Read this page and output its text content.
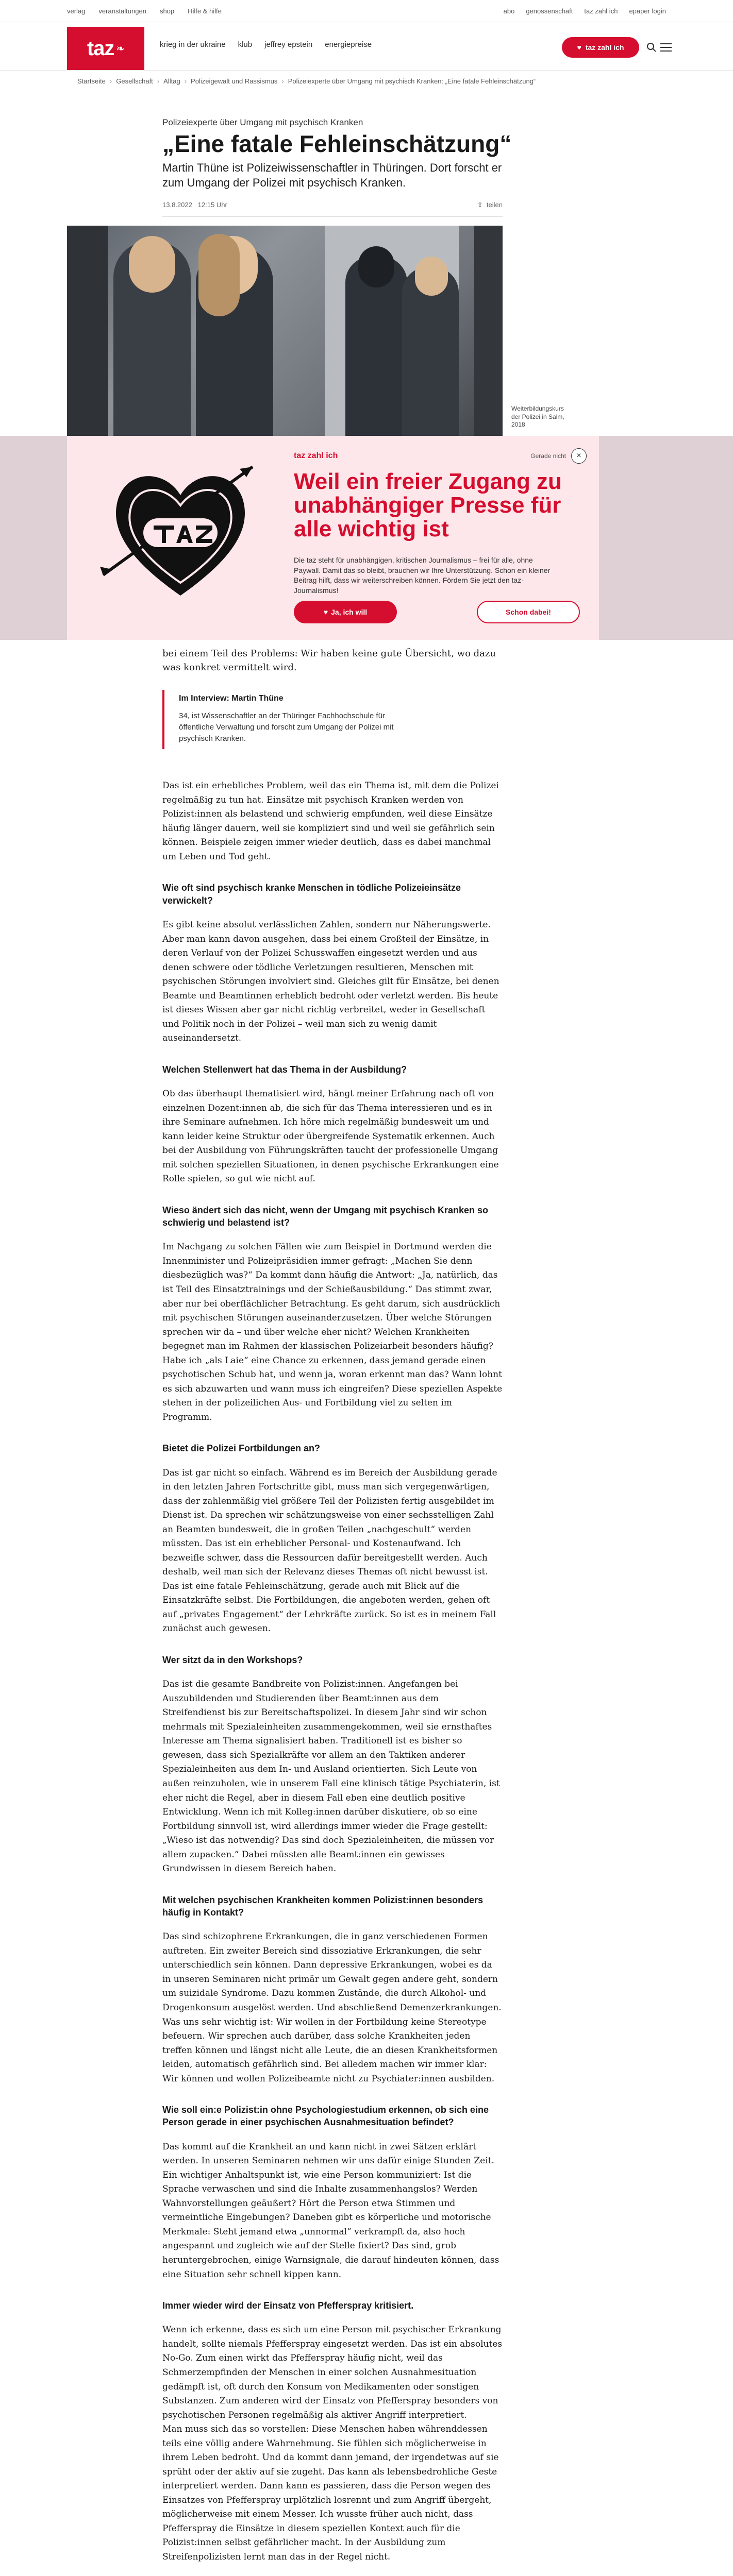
verlag veranstaltungen shop Hilfe & hilfe	abo genossenschaft taz zahl ich epaper login
taz ❧	krieg in der ukraine klub jeffrey epstein energiepreise	♥ taz zahl ich
Startseite › Gesellschaft › Alltag › Polizeigewalt und Rassismus › Polizeiexperte über Umgang mit psychisch Kranken: „Eine fatale Fehleinschätzung“
Polizeiexperte über Umgang mit psychisch Kranken
„Eine fatale Fehleinschätzung“
Martin Thüne ist Polizeiwissenschaftler in Thüringen. Dort forscht er zum Umgang der Polizei mit psychisch Kranken.
13.8.2022 12:15 Uhr	⇪ teilen
Weiterbildungskurs der Polizei in Salm, 2018
taz zahl ich	Gerade nicht	×
Weil ein freier Zugang zu unabhängiger Presse für alle wichtig ist
Die taz steht für unabhängigen, kritischen Journalismus – frei für alle, ohne Paywall. Damit das so bleibt, brauchen wir Ihre Unterstützung. Schon ein kleiner Beitrag hilft, dass wir weiterschreiben können. Fördern Sie jetzt den taz-Journalismus!
♥ Ja, ich will	Schon dabei!

bei einem Teil des Problems: Wir haben keine gute Übersicht, wo dazu was konkret vermittelt wird.

Im Interview: Martin Thüne
34, ist Wissenschaftler an der Thüringer Fachhochschule für öffentliche Verwaltung und forscht zum Umgang der Polizei mit psychisch Kranken.

Das ist ein erhebliches Problem, weil das ein Thema ist, mit dem die Polizei regelmäßig zu tun hat. Einsätze mit psychisch Kranken werden von Polizist:innen als belastend und schwierig empfunden, weil diese Einsätze häufig länger dauern, weil sie kompliziert sind und weil sie gefährlich sein können. Beispiele zeigen immer wieder deutlich, dass es dabei manchmal um Leben und Tod geht.

Wie oft sind psychisch kranke Menschen in tödliche Polizeieinsätze verwickelt?

Es gibt keine absolut verlässlichen Zahlen, sondern nur Näherungswerte. Aber man kann davon ausgehen, dass bei einem Großteil der Einsätze, in deren Verlauf von der Polizei Schusswaffen eingesetzt werden und aus denen schwere oder tödliche Verletzungen resultieren, Menschen mit psychischen Störungen involviert sind. Gleiches gilt für Einsätze, bei denen Beamte und Beamtinnen erheblich bedroht oder verletzt werden. Bis heute ist dieses Wissen aber gar nicht richtig verbreitet, weder in Gesellschaft und Politik noch in der Polizei – weil man sich zu wenig damit auseinandersetzt.

Welchen Stellenwert hat das Thema in der Ausbildung?

Ob das überhaupt thematisiert wird, hängt meiner Erfahrung nach oft von einzelnen Dozent:innen ab, die sich für das Thema interessieren und es in ihre Seminare aufnehmen. Ich höre mich regelmäßig bundesweit um und kann leider keine Struktur oder übergreifende Systematik erkennen. Auch bei der Ausbildung von Führungskräften taucht der professionelle Umgang mit solchen speziellen Situationen, in denen psychische Erkrankungen eine Rolle spielen, so gut wie nicht auf.

Wieso ändert sich das nicht, wenn der Umgang mit psychisch Kranken so schwierig und belastend ist?

Im Nachgang zu solchen Fällen wie zum Beispiel in Dortmund werden die Innenminister und Polizeipräsidien immer gefragt: „Machen Sie denn diesbezüglich was?“ Da kommt dann häufig die Antwort: „Ja, natürlich, das ist Teil des Einsatztrainings und der Schießausbildung.“ Das stimmt zwar, aber nur bei oberflächlicher Betrachtung. Es geht darum, sich ausdrücklich mit psychischen Störungen auseinanderzusetzen. Über welche Störungen sprechen wir da – und über welche eher nicht? Welchen Krankheiten begegnet man im Rahmen der klassischen Polizeiarbeit besonders häufig? Habe ich „als Laie“ eine Chance zu erkennen, dass jemand gerade einen psychotischen Schub hat, und wenn ja, woran erkennt man das? Wann lohnt es sich abzuwarten und wann muss ich eingreifen? Diese speziellen Aspekte stehen in der polizeilichen Aus- und Fortbildung viel zu selten im Programm.

Bietet die Polizei Fortbildungen an?

Das ist gar nicht so einfach. Während es im Bereich der Ausbildung gerade in den letzten Jahren Fortschritte gibt, muss man sich vergegenwärtigen, dass der zahlenmäßig viel größere Teil der Polizisten fertig ausgebildet im Dienst ist. Da sprechen wir schätzungsweise von einer sechsstelligen Zahl an Beamten bundesweit, die in großen Teilen „nachgeschult“ werden müssten. Das ist ein erheblicher Personal- und Kostenaufwand. Ich bezweifle schwer, dass die Ressourcen dafür bereitgestellt werden. Auch deshalb, weil man sich der Relevanz dieses Themas oft nicht bewusst ist. Das ist eine fatale Fehleinschätzung, gerade auch mit Blick auf die Einsatzkräfte selbst. Die Fortbildungen, die angeboten werden, gehen oft auf „privates Engagement“ der Lehrkräfte zurück. So ist es in meinem Fall zunächst auch gewesen.

Wer sitzt da in den Workshops?

Das ist die gesamte Bandbreite von Polizist:innen. Angefangen bei Auszubildenden und Studierenden über Beamt:innen aus dem Streifendienst bis zur Bereitschaftspolizei. In diesem Jahr sind wir schon mehrmals mit Spezialeinheiten zusammengekommen, weil sie ernsthaftes Interesse am Thema signalisiert haben. Traditionell ist es bisher so gewesen, dass sich Spezialkräfte vor allem an den Taktiken anderer Spezialeinheiten aus dem In- und Ausland orientierten. Sich Leute von außen reinzuholen, wie in unserem Fall eine klinisch tätige Psychiaterin, ist eher nicht die Regel, aber in diesem Fall eben eine deutlich positive Entwicklung. Wenn ich mit Kolleg:innen darüber diskutiere, ob so eine Fortbildung sinnvoll ist, wird allerdings immer wieder die Frage gestellt: „Wieso ist das notwendig? Das sind doch Spezialeinheiten, die müssen vor allem zupacken.“ Dabei müssten alle Beamt:innen ein gewisses Grundwissen in diesem Bereich haben.

Mit welchen psychischen Krankheiten kommen Polizist:innen besonders häufig in Kontakt?

Das sind schizophrene Erkrankungen, die in ganz verschiedenen Formen auftreten. Ein zweiter Bereich sind dissoziative Erkrankungen, die sehr unterschiedlich sein können. Dann depressive Erkrankungen, wobei es da in unseren Seminaren nicht primär um Gewalt gegen andere geht, sondern um suizidale Syndrome. Dazu kommen Zustände, die durch Alkohol- und Drogenkonsum ausgelöst werden. Und abschließend Demenzerkrankungen. Was uns sehr wichtig ist: Wir wollen in der Fortbildung keine Stereotype befeuern. Wir sprechen auch darüber, dass solche Krankheiten jeden treffen können und längst nicht alle Leute, die an diesen Krankheitsformen leiden, automatisch gefährlich sind. Bei alledem machen wir immer klar: Wir können und wollen Polizeibeamte nicht zu Psychiater:innen ausbilden.

Wie soll ein:e Polizist:in ohne Psychologiestudium erkennen, ob sich eine Person gerade in einer psychischen Ausnahmesituation befindet?

Das kommt auf die Krankheit an und kann nicht in zwei Sätzen erklärt werden. In unseren Seminaren nehmen wir uns dafür einige Stunden Zeit. Ein wichtiger Anhaltspunkt ist, wie eine Person kommuniziert: Ist die Sprache verwaschen und sind die Inhalte zusammenhangslos? Werden Wahnvorstellungen geäußert? Hört die Person etwa Stimmen und vermeintliche Eingebungen? Daneben gibt es körperliche und motorische Merkmale: Steht jemand etwa „unnormal“ verkrampft da, also hoch angespannt und zugleich wie auf der Stelle fixiert? Das sind, grob heruntergebrochen, einige Warnsignale, die darauf hindeuten können, dass eine Situation sehr schnell kippen kann.

Immer wieder wird der Einsatz von Pfefferspray kritisiert.

Wenn ich erkenne, dass es sich um eine Person mit psychischer Erkrankung handelt, sollte niemals Pfefferspray eingesetzt werden. Das ist ein absolutes No-Go. Zum einen wirkt das Pfefferspray häufig nicht, weil das Schmerzempfinden der Menschen in einer solchen Ausnahmesituation gedämpft ist, oft durch den Konsum von Medikamenten oder sonstigen Substanzen. Zum anderen wird der Einsatz von Pfefferspray besonders von psychotischen Personen regelmäßig als aktiver Angriff interpretiert.

Man muss sich das so vorstellen: Diese Menschen haben währenddessen teils eine völlig andere Wahrnehmung. Sie fühlen sich möglicherweise in ihrem Leben bedroht. Und da kommt dann jemand, der irgendetwas auf sie sprüht oder der aktiv auf sie zugeht. Das kann als lebensbedrohliche Geste interpretiert werden. Dann kann es passieren, dass die Person wegen des Einsatzes von Pfefferspray urplötzlich losrennt und zum Angriff übergeht, möglicherweise mit einem Messer. Ich wusste früher auch nicht, dass Pfefferspray die Einsätze in diesem speziellen Kontext auch für die Polizist:innen selbst gefährlicher macht. In der Ausbildung zum Streifenpolizisten lernt man das in der Regel nicht.
